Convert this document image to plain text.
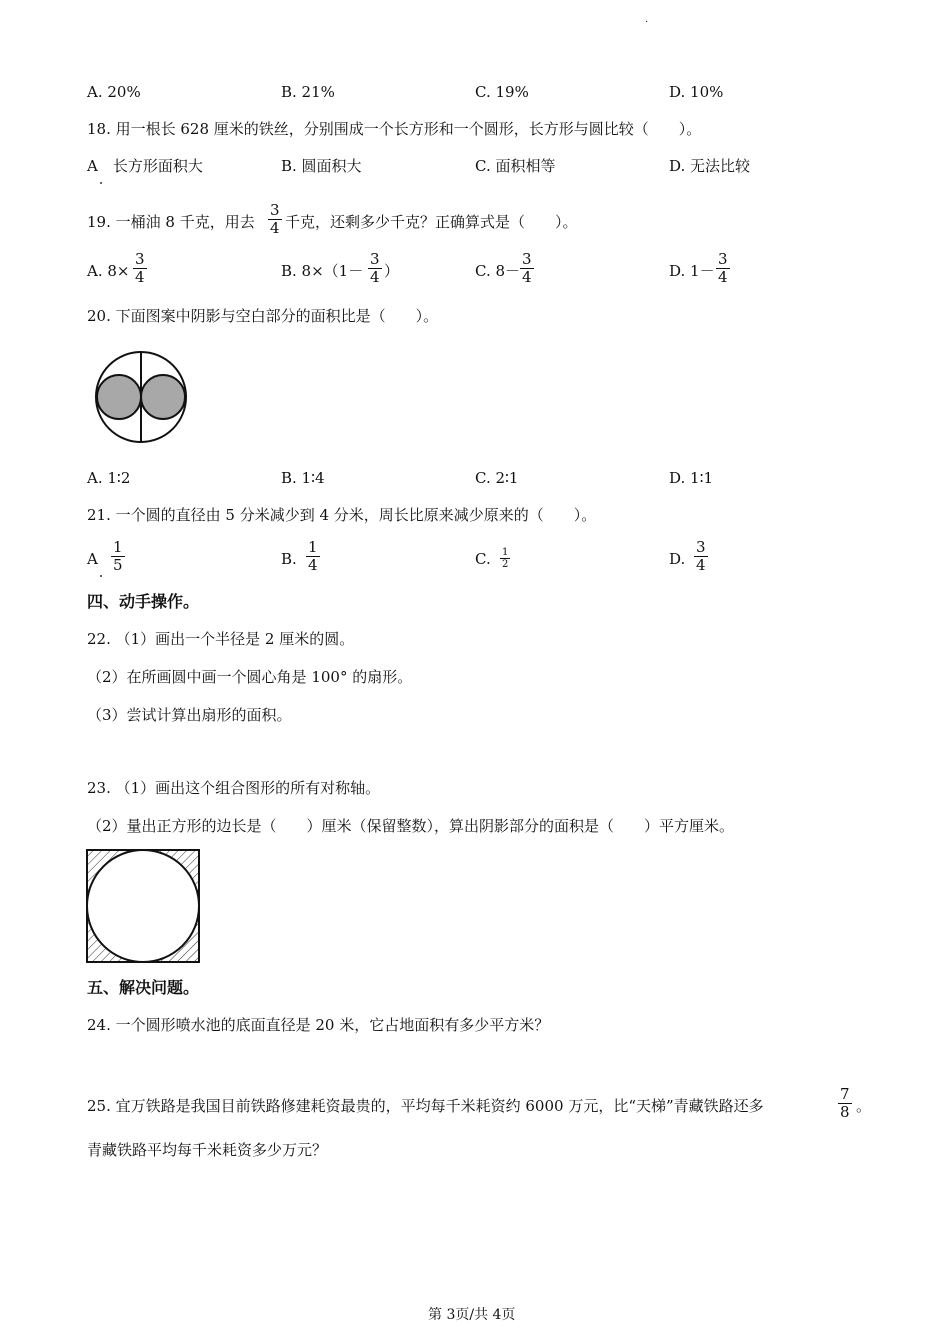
.
A. 20%	B. 21%	C. 19%	D. 10%
18. 用一根长 628 厘米的铁丝，分别围成一个长方形和一个圆形，长方形与圆比较（　　）。
A　长方形面积大	B. 圆面积大	C. 面积相等	D. 无法比较
19. 一桶油 8 千克，用去
3
4 千克，还剩多少千克？正确算式是（　　）。
A. 8×
3
4	B. 8×（1－
3
4 ）	C. 8－
3
4	D. 1－
3
4
20. 下面图案中阴影与空白部分的面积比是（　　）。
A. 1∶2	B. 1∶4	C. 2∶1	D. 1∶1
21. 一个圆的直径由 5 分米减少到 4 分米，周长比原来减少原来的（　　）。
A
1
5	B.
1
4	C. 1
2	D.
3
4
四、动手操作。
22. （1）画出一个半径是 2 厘米的圆。
（2）在所画圆中画一个圆心角是 100° 的扇形。
（3）尝试计算出扇形的面积。
23. （1）画出这个组合图形的所有对称轴。
（2）量出正方形的边长是（　　）厘米（保留整数），算出阴影部分的面积是（　　）平方厘米。
五、解决问题。
24. 一个圆形喷水池的底面直径是 20 米，它占地面积有多少平方米？
25. 宜万铁路是我国目前铁路修建耗资最贵的，平均每千米耗资约 6000 万元，比“天梯”青藏铁路还多
7
8 。
青藏铁路平均每千米耗资多少万元？
第 3页/共 4页
